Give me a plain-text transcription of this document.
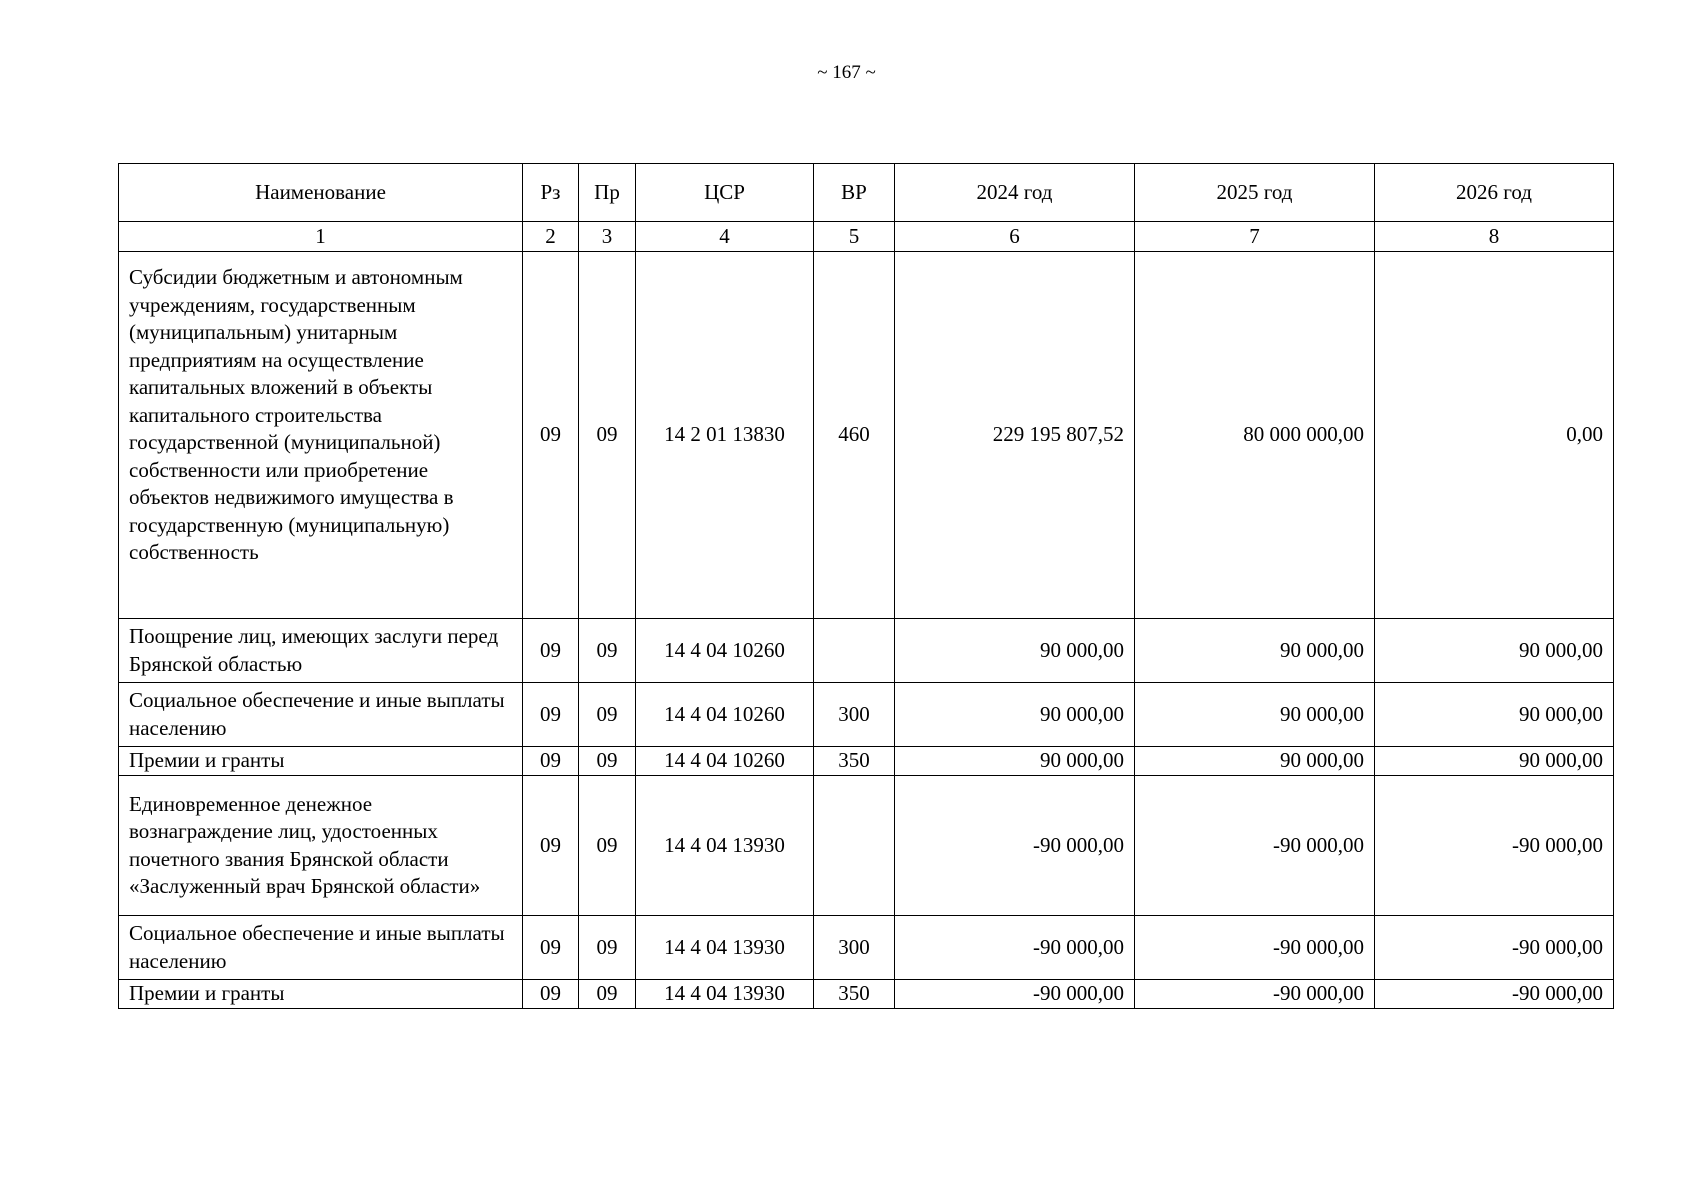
~ 167 ~
Наименование	Рз	Пр	ЦСР	ВР	2024 год	2025 год	2026 год
1	2	3	4	5	6	7	8
Субсидии бюджетным и автономным учреждениям, государственным (муниципальным) унитарным предприятиям на осуществление капитальных вложений в объекты капитального строительства государственной (муниципальной) собственности или приобретение объектов недвижимого имущества в государственную (муниципальную) собственность	09	09	14 2 01 13830	460	229 195 807,52	80 000 000,00	0,00
Поощрение лиц, имеющих заслуги перед Брянской областью	09	09	14 4 04 10260		90 000,00	90 000,00	90 000,00
Социальное обеспечение и иные выплаты населению	09	09	14 4 04 10260	300	90 000,00	90 000,00	90 000,00
Премии и гранты	09	09	14 4 04 10260	350	90 000,00	90 000,00	90 000,00
Единовременное денежное вознаграждение лиц, удостоенных почетного звания Брянской области «Заслуженный врач Брянской области»	09	09	14 4 04 13930		-90 000,00	-90 000,00	-90 000,00
Социальное обеспечение и иные выплаты населению	09	09	14 4 04 13930	300	-90 000,00	-90 000,00	-90 000,00
Премии и гранты	09	09	14 4 04 13930	350	-90 000,00	-90 000,00	-90 000,00
